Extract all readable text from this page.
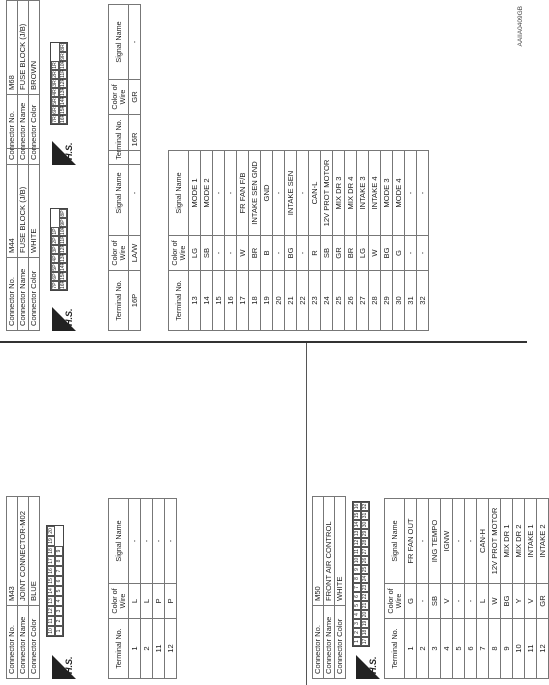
Connector No.	M43
Connector Name	JOINT CONNECTOR-M02
Connector Color	BLUE
H.S.
10
11
12
13
14
15
16
17
18
19
20
1
2
3
4
5
6
7
8
9
Terminal No.	Color of Wire	Signal Name
1	L	-
2	L	-
11	P	-
12	P	-
Connector No.	M50
Connector Name	FRONT AIR CONTROL
Connector Color	WHITE
H.S.
1
2
3
4
5
6
7
8
9
10
11
12
13
14
15
16
17
18
19
20
21
22
23
24
25
26
27
28
29
30
31
32
Terminal No.	Color of Wire	Signal Name
1	G	FR FAN OUT
2	-	-
3	SB	ING TEMPO
4	V	IGNW
5	-	-
6	-	-
7	L	CAN-H
8	W	12V PROT MOTOR
9	BG	MIX DR 1
10	Y	MIX DR 2
11	V	INTAKE 1
12	GR	INTAKE 2
Connector No.	M44
Connector Name	FUSE BLOCK (J/B)
Connector Color	WHITE
H.S.
7P
6P
5P
4P
3P
2P
1P
16P
15P
14P
13P
12P
11P
10P
9P
8P
Terminal No.	Color of Wire	Signal Name
16P	LA/W	-
Terminal No.	Color of Wire	Signal Name
13	LG	MODE 1
14	SB	MODE 2
15	-	-
16	-	-
17	W	FR FAN F/B
18	BR	INTAKE SEN GND
19	B	GND
20	-	-
21	BG	INTAKE SEN
22	-	-
23	R	CAN-L
24	SB	12V PROT MOTOR
25	GR	MIX DR 3
26	BR	MIX DR 4
27	LG	INTAKE 3
28	W	INTAKE 4
29	BG	MODE 3
30	G	MODE 4
31	-	-
32	-	-
Connector No.	M68
Connector Name	FUSE BLOCK (J/B)
Connector Color	BROWN
H.S.
7R
6R
5R
4R
3R
2R
1R
16R
15R
14R
13R
12R
11R
10R
9R
8R
Terminal No.	Color of Wire	Signal Name
16R	GR	-	AAIIA0409GB
